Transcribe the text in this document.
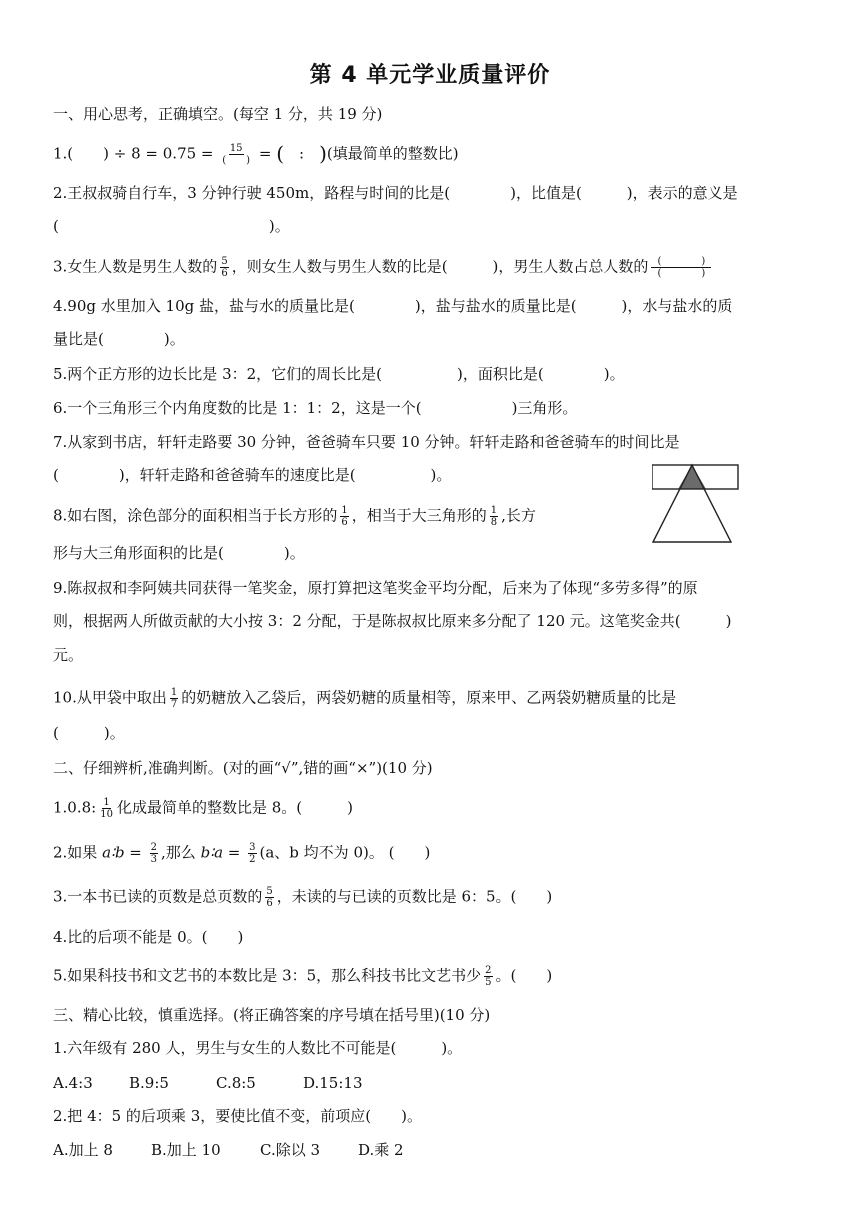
第 4 单元学业质量评价
一、用心思考，正确填空。(每空 1 分，共 19 分)
1.(　　) ÷ $8 = 0.75 = \frac{15}{( )}$ = (　:　)(填最简单的整数比)
2.王叔叔骑自行车，3 分钟行驶 450m，路程与时间的比是(　　　　)，比值是(　　　)，表示的意义是
(　　　　　　　　　　　　　　)。
3.女生人数是男生人数的 $\frac{5}{6}$ ，则女生人数与男生人数的比是(　　　)，男生人数占总人数的 $\frac{( )}{( )}$
4.90g 水里加入 10g 盐，盐与水的质量比是(　　　　)，盐与盐水的质量比是(　　　)，水与盐水的质
量比是(　　　　)。
5.两个正方形的边长比是 3：2，它们的周长比是(　　　　　)，面积比是(　　　　)。
6.一个三角形三个内角度数的比是 1：1：2，这是一个(　　　　　　)三角形。
7.从家到书店，轩轩走路要 30 分钟，爸爸骑车只要 10 分钟。轩轩走路和爸爸骑车的时间比是
(　　　　)，轩轩走路和爸爸骑车的速度比是(　　　　　)。
8.如右图，涂色部分的面积相当于长方形的 $\frac{1}{6}$ ，相当于大三角形的 $\frac{1}{8}$ ,长方
形与大三角形面积的比是(　　　　)。
9.陈叔叔和李阿姨共同获得一笔奖金，原打算把这笔奖金平均分配，后来为了体现“多劳多得”的原
则，根据两人所做贡献的大小按 3：2 分配，于是陈叔叔比原来多分配了 120 元。这笔奖金共(　　　)
元。
10.从甲袋中取出 $\frac{1}{7}$ 的奶糖放入乙袋后，两袋奶糖的质量相等，原来甲、乙两袋奶糖质量的比是
(　　　)。
二、仔细辨析,准确判断。(对的画“√”,错的画“×”)(10 分)
1.0.8: $\frac{1}{10}$ 化成最简单的整数比是 8。(　　　)
2.如果 a∶b = $\frac{2}{3}$ ,那么 b∶a = $\frac{3}{2} (a$、b 均不为 0)。 (　　)
3.一本书已读的页数是总页数的 $\frac{5}{6}$ ，未读的与已读的页数比是 6：5。(　　)
4.比的后项不能是 0。(　　)
5.如果科技书和文艺书的本数比是 3：5，那么科技书比文艺书少 $\frac{2}{5}$ 。(　　)
三、精心比较，慎重选择。(将正确答案的序号填在括号里)(10 分)
1.六年级有 280 人，男生与女生的人数比不可能是(　　　)。
A.4:3 B.9:5	C.8:5	D.15:13
2.把 4：5 的后项乘 3，要使比值不变，前项应(　　)。
A.加上 8	B.加上 10	C.除以 3	D.乘 2
